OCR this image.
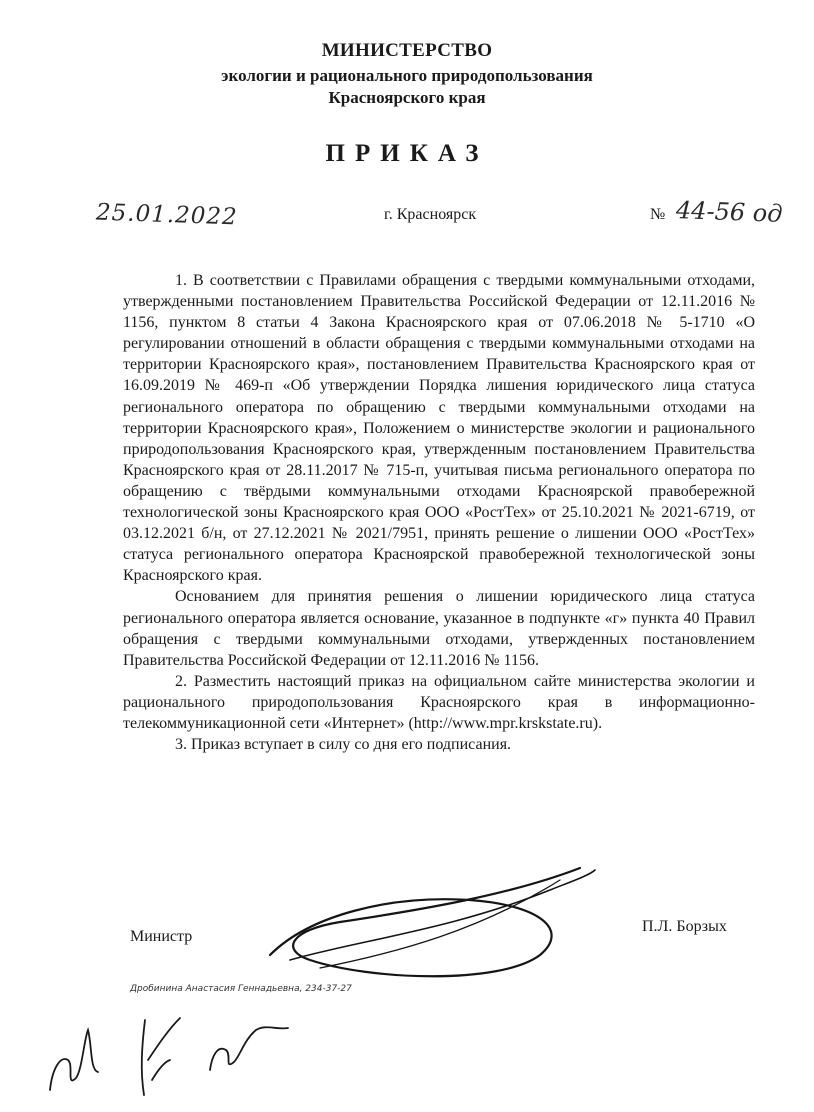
МИНИСТЕРСТВО
экологии и рационального природопользования
Красноярского края
ПРИКАЗ
25.01.2022	г. Красноярск	№ 44-56 од

1. В соответствии с Правилами обращения с твердыми коммунальными отходами, утвержденными постановлением Правительства Российской Федерации от 12.11.2016 № 1156, пунктом 8 статьи 4 Закона Красноярского края от 07.06.2018 № 5-1710 «О регулировании отношений в области обращения с твердыми коммунальными отходами на территории Красноярского края», постановлением Правительства Красноярского края от 16.09.2019 № 469-п «Об утверждении Порядка лишения юридического лица статуса регионального оператора по обращению с твердыми коммунальными отходами на территории Красноярского края», Положением о министерстве экологии и рационального природопользования Красноярского края, утвержденным постановлением Правительства Красноярского края от 28.11.2017 № 715-п, учитывая письма регионального оператора по обращению с твёрдыми коммунальными отходами Красноярской правобережной технологической зоны Красноярского края ООО «РостТех» от 25.10.2021 № 2021-6719, от 03.12.2021 б/н, от 27.12.2021 № 2021/7951, принять решение о лишении ООО «РостТех» статуса регионального оператора Красноярской правобережной технологической зоны Красноярского края.

Основанием для принятия решения о лишении юридического лица статуса регионального оператора является основание, указанное в подпункте «г» пункта 40 Правил обращения с твердыми коммунальными отходами, утвержденных постановлением Правительства Российской Федерации от 12.11.2016 № 1156.

2. Разместить настоящий приказ на официальном сайте министерства экологии и рационального природопользования Красноярского края в информационно-телекоммуникационной сети «Интернет» (http://www.mpr.krskstate.ru).

3. Приказ вступает в силу со дня его подписания.

Министр
П.Л. Борзых
Дробинина Анастасия Геннадьевна, 234-37-27
